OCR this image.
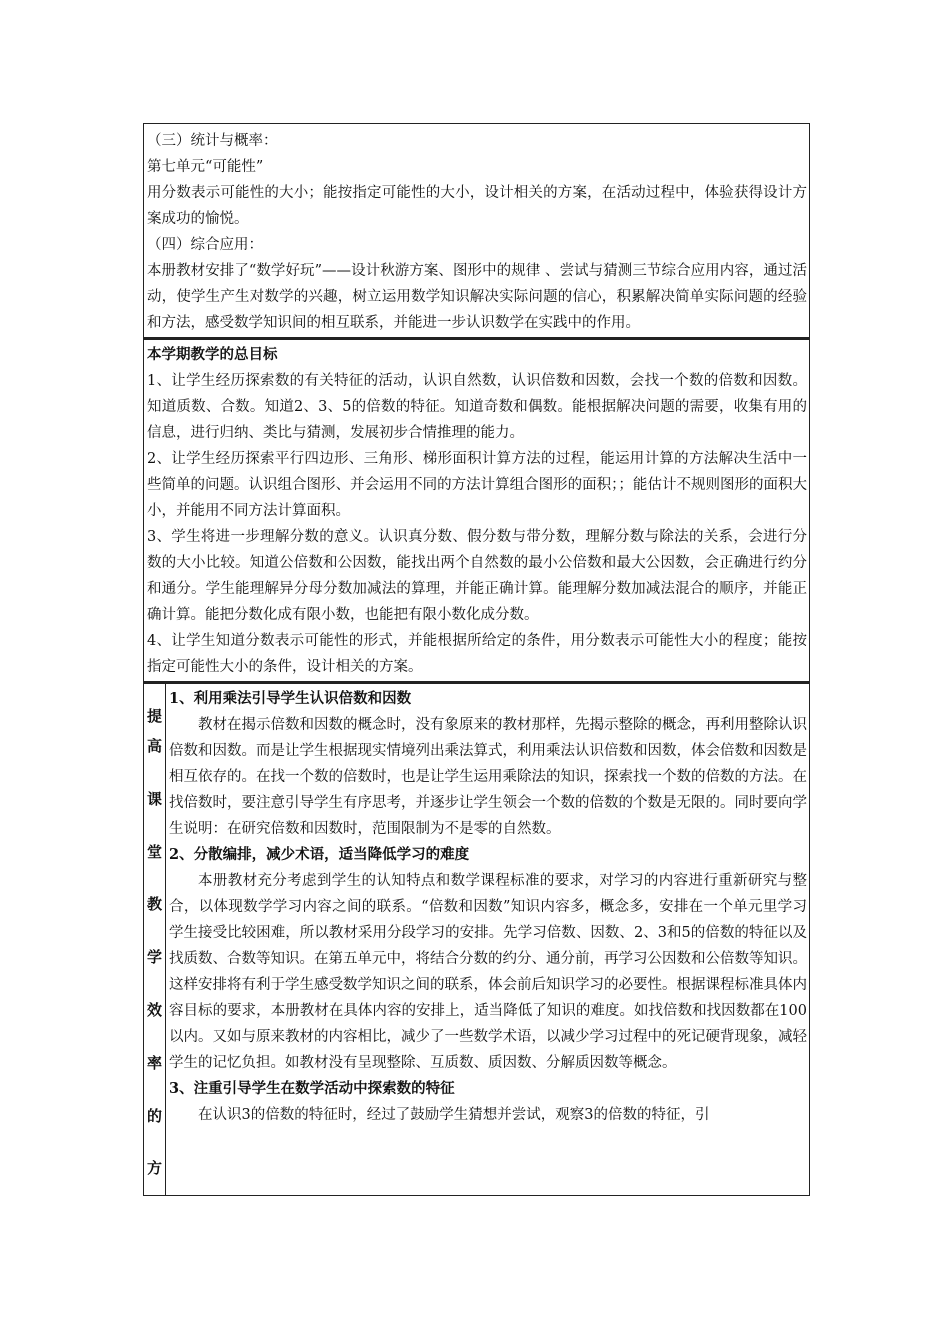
（三）统计与概率：

第七单元“可能性”

用分数表示可能性的大小；能按指定可能性的大小，设计相关的方案，在活动过程中，体验获得设计方案成功的愉悦。

（四）综合应用：

本册教材安排了“数学好玩”——设计秋游方案、图形中的规律 、尝试与猜测三节综合应用内容，通过活动，使学生产生对数学的兴趣，树立运用数学知识解决实际问题的信心，积累解决简单实际问题的经验和方法，感受数学知识间的相互联系，并能进一步认识数学在实践中的作用。

本学期教学的总目标

1、让学生经历探索数的有关特征的活动，认识自然数，认识倍数和因数，会找一个数的倍数和因数。知道质数、合数。知道2、3、5的倍数的特征。知道奇数和偶数。能根据解决问题的需要，收集有用的信息，进行归纳、类比与猜测，发展初步合情推理的能力。

2、让学生经历探索平行四边形、三角形、梯形面积计算方法的过程，能运用计算的方法解决生活中一些简单的问题。认识组合图形、并会运用不同的方法计算组合图形的面积；；能估计不规则图形的面积大小，并能用不同方法计算面积。

3、学生将进一步理解分数的意义。认识真分数、假分数与带分数，理解分数与除法的关系，会进行分数的大小比较。知道公倍数和公因数，能找出两个自然数的最小公倍数和最大公因数，会正确进行约分和通分。学生能理解异分母分数加减法的算理，并能正确计算。能理解分数加减法混合的顺序，并能正确计算。能把分数化成有限小数，也能把有限小数化成分数。

4、让学生知道分数表示可能性的形式，并能根据所给定的条件，用分数表示可能性大小的程度；能按指定可能性大小的条件，设计相关的方案。

提
高
课
堂
教
学
效
率
的
方

1、利用乘法引导学生认识倍数和因数

教材在揭示倍数和因数的概念时，没有象原来的教材那样，先揭示整除的概念，再利用整除认识倍数和因数。而是让学生根据现实情境列出乘法算式，利用乘法认识倍数和因数，体会倍数和因数是相互依存的。在找一个数的倍数时，也是让学生运用乘除法的知识，探索找一个数的倍数的方法。在找倍数时，要注意引导学生有序思考，并逐步让学生领会一个数的倍数的个数是无限的。同时要向学生说明：在研究倍数和因数时，范围限制为不是零的自然数。

2、分散编排，减少术语，适当降低学习的难度

本册教材充分考虑到学生的认知特点和数学课程标准的要求，对学习的内容进行重新研究与整合，以体现数学学习内容之间的联系。“倍数和因数”知识内容多，概念多，安排在一个单元里学习学生接受比较困难，所以教材采用分段学习的安排。先学习倍数、因数、2、3和5的倍数的特征以及找质数、合数等知识。在第五单元中，将结合分数的约分、通分前，再学习公因数和公倍数等知识。这样安排将有利于学生感受数学知识之间的联系，体会前后知识学习的必要性。根据课程标准具体内容目标的要求，本册教材在具体内容的安排上，适当降低了知识的难度。如找倍数和找因数都在100以内。又如与原来教材的内容相比，减少了一些数学术语，以减少学习过程中的死记硬背现象，减轻学生的记忆负担。如教材没有呈现整除、互质数、质因数、分解质因数等概念。

3、注重引导学生在数学活动中探索数的特征

在认识3的倍数的特征时，经过了鼓励学生猜想并尝试，观察3的倍数的特征，引
